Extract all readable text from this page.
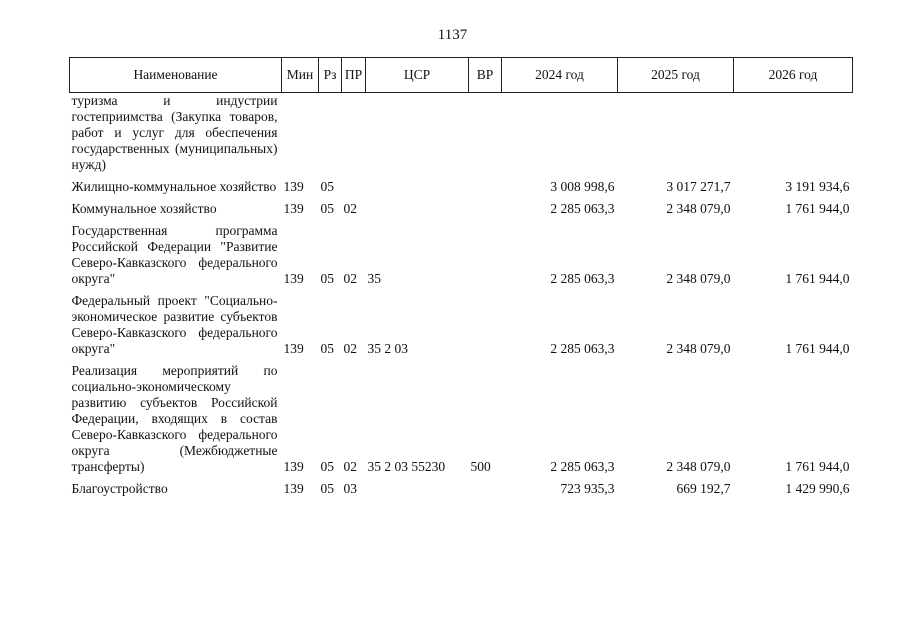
1137
Наименование	Мин	Рз	ПР	ЦСР	ВР	2024 год	2025 год	2026 год
туризма и индустрии гостеприимства (Закупка товаров, работ и услуг для обеспечения государственных (муниципальных) нужд)								
Жилищно-коммунальное хозяйство	139	05				3 008 998,6	3 017 271,7	3 191 934,6
Коммунальное хозяйство	139	05	02			2 285 063,3	2 348 079,0	1 761 944,0
Государственная программа Российской Федерации "Развитие Северо-Кавказского федерального округа"	139	05	02	35		2 285 063,3	2 348 079,0	1 761 944,0
Федеральный проект "Социально-экономическое развитие субъектов Северо-Кавказского федерального округа"	139	05	02	35 2 03		2 285 063,3	2 348 079,0	1 761 944,0
Реализация мероприятий по социально-экономическому развитию субъектов Российской Федерации, входящих в состав Северо-Кавказского федерального округа (Межбюджетные трансферты)	139	05	02	35 2 03 55230	500	2 285 063,3	2 348 079,0	1 761 944,0
Благоустройство	139	05	03			723 935,3	669 192,7	1 429 990,6
